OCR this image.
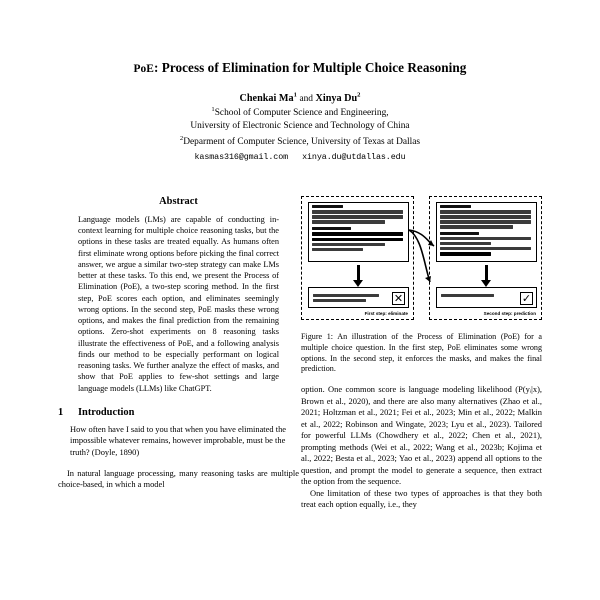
PoE: Process of Elimination for Multiple Choice Reasoning
Chenkai Ma$^1$ and Xinya Du$^2$
$^1$School of Computer Science and Engineering,
University of Electronic Science and Technology of China
$^2$Deparment of Computer Science, University of Texas at Dallas
kasmas316@gmail.com xinya.du@utdallas.edu
Abstract

Language models (LMs) are capable of conducting in-context learning for multiple choice reasoning tasks, but the options in these tasks are treated equally. As humans often first eliminate wrong options before picking the final correct answer, we argue a similar two-step strategy can make LMs better at these tasks. To this end, we present the Process of Elimination (PoE), a two-step scoring method. In the first step, PoE scores each option, and eliminates seemingly wrong options. In the second step, PoE masks these wrong options, and makes the final prediction from the remaining options. Zero-shot experiments on 8 reasoning tasks illustrate the effectiveness of PoE, and a following analysis finds our method to be especially performant on logical reasoning tasks. We further analyze the effect of masks, and show that PoE applies to few-shot settings and large language models (LLMs) like ChatGPT.

1 Introduction
How often have I said to you that when you have eliminated the impossible whatever remains, however improbable, must be the truth? (Doyle, 1890)

In natural language processing, many reasoning tasks are multiple choice-based, in which a model

✕
First step: eliminate
✓
Second step: prediction
Figure 1: An illustration of the Process of Elimination (PoE) for a multiple choice question. In the first step, PoE eliminates some wrong options. In the second step, it enforces the masks, and makes the final prediction.

option. One common score is language modeling likelihood (P(yᵢ|x), Brown et al., 2020), and there are also many alternatives (Zhao et al., 2021; Holtzman et al., 2021; Fei et al., 2023; Min et al., 2022; Malkin et al., 2022; Robinson and Wingate, 2023; Lyu et al., 2023). Tailored for powerful LLMs (Chowdhery et al., 2022; Chen et al., 2021), prompting methods (Wei et al., 2022; Wang et al., 2023b; Kojima et al., 2022; Besta et al., 2023; Yao et al., 2023) append all options to the question, and prompt the model to generate a sequence, then extract the option from the sequence.

One limitation of these two types of approaches is that they both treat each option equally, i.e., they
